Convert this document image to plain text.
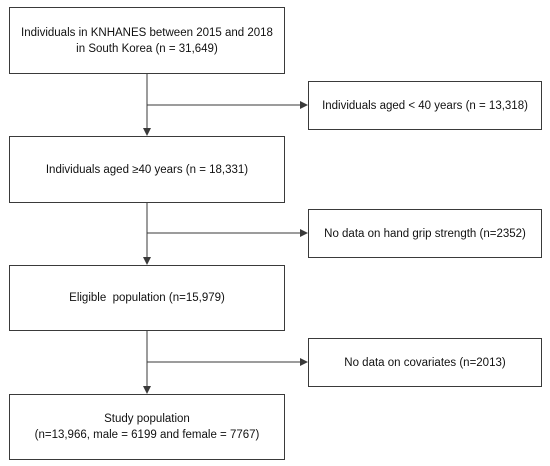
Individuals in KNHANES between 2015 and 2018
in South Korea (n = 31,649)
Individuals aged ≥40 years (n = 18,331)
Eligible  population (n=15,979)
Study population
(n=13,966, male = 6199 and female = 7767)
Individuals aged < 40 years (n = 13,318)
No data on hand grip strength (n=2352)
No data on covariates (n=2013)
